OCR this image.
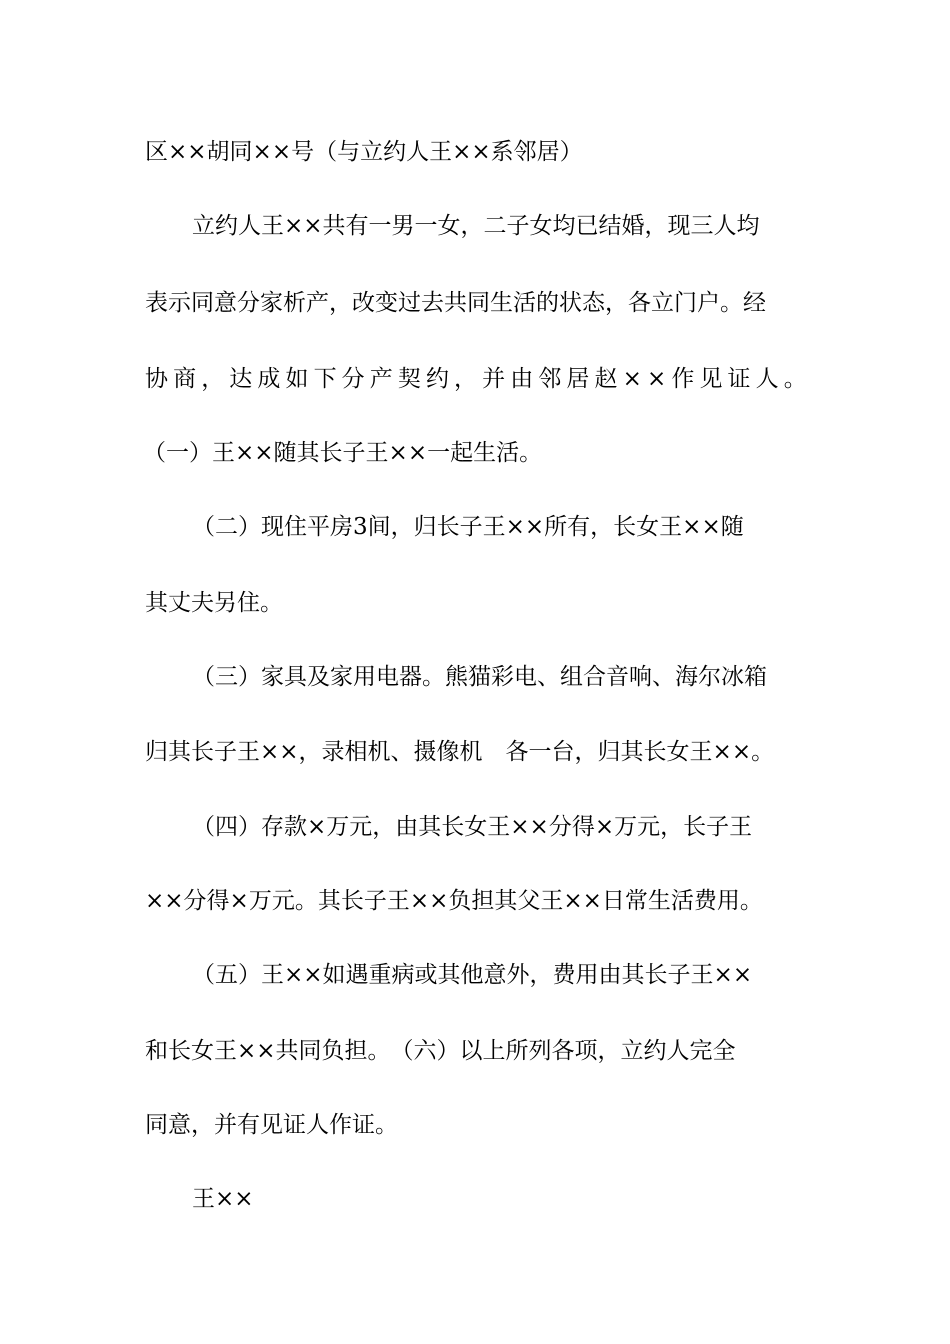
区××胡同××号（与立约人王××系邻居）
立约人王××共有一男一女，二子女均已结婚，现三人均
表示同意分家析产，改变过去共同生活的状态，各立门户。经
协 商 ， 达 成 如 下 分 产 契 约 ， 并 由 邻 居 赵 × × 作 见 证 人 。
（一）王××随其长子王××一起生活。
（二）现住平房3间，归长子王××所有，长女王××随
其丈夫另住。
（三）家具及家用电器。熊猫彩电、组合音响、海尔冰箱
归其长子王××，录相机、摄像机　各一台，归其长女王××。
（四）存款×万元，由其长女王××分得×万元，长子王
××分得×万元。其长子王××负担其父王××日常生活费用。
（五）王××如遇重病或其他意外，费用由其长子王××
和长女王××共同负担。　（六）以上所列各项，立约人完全
同意，并有见证人作证。
王××
